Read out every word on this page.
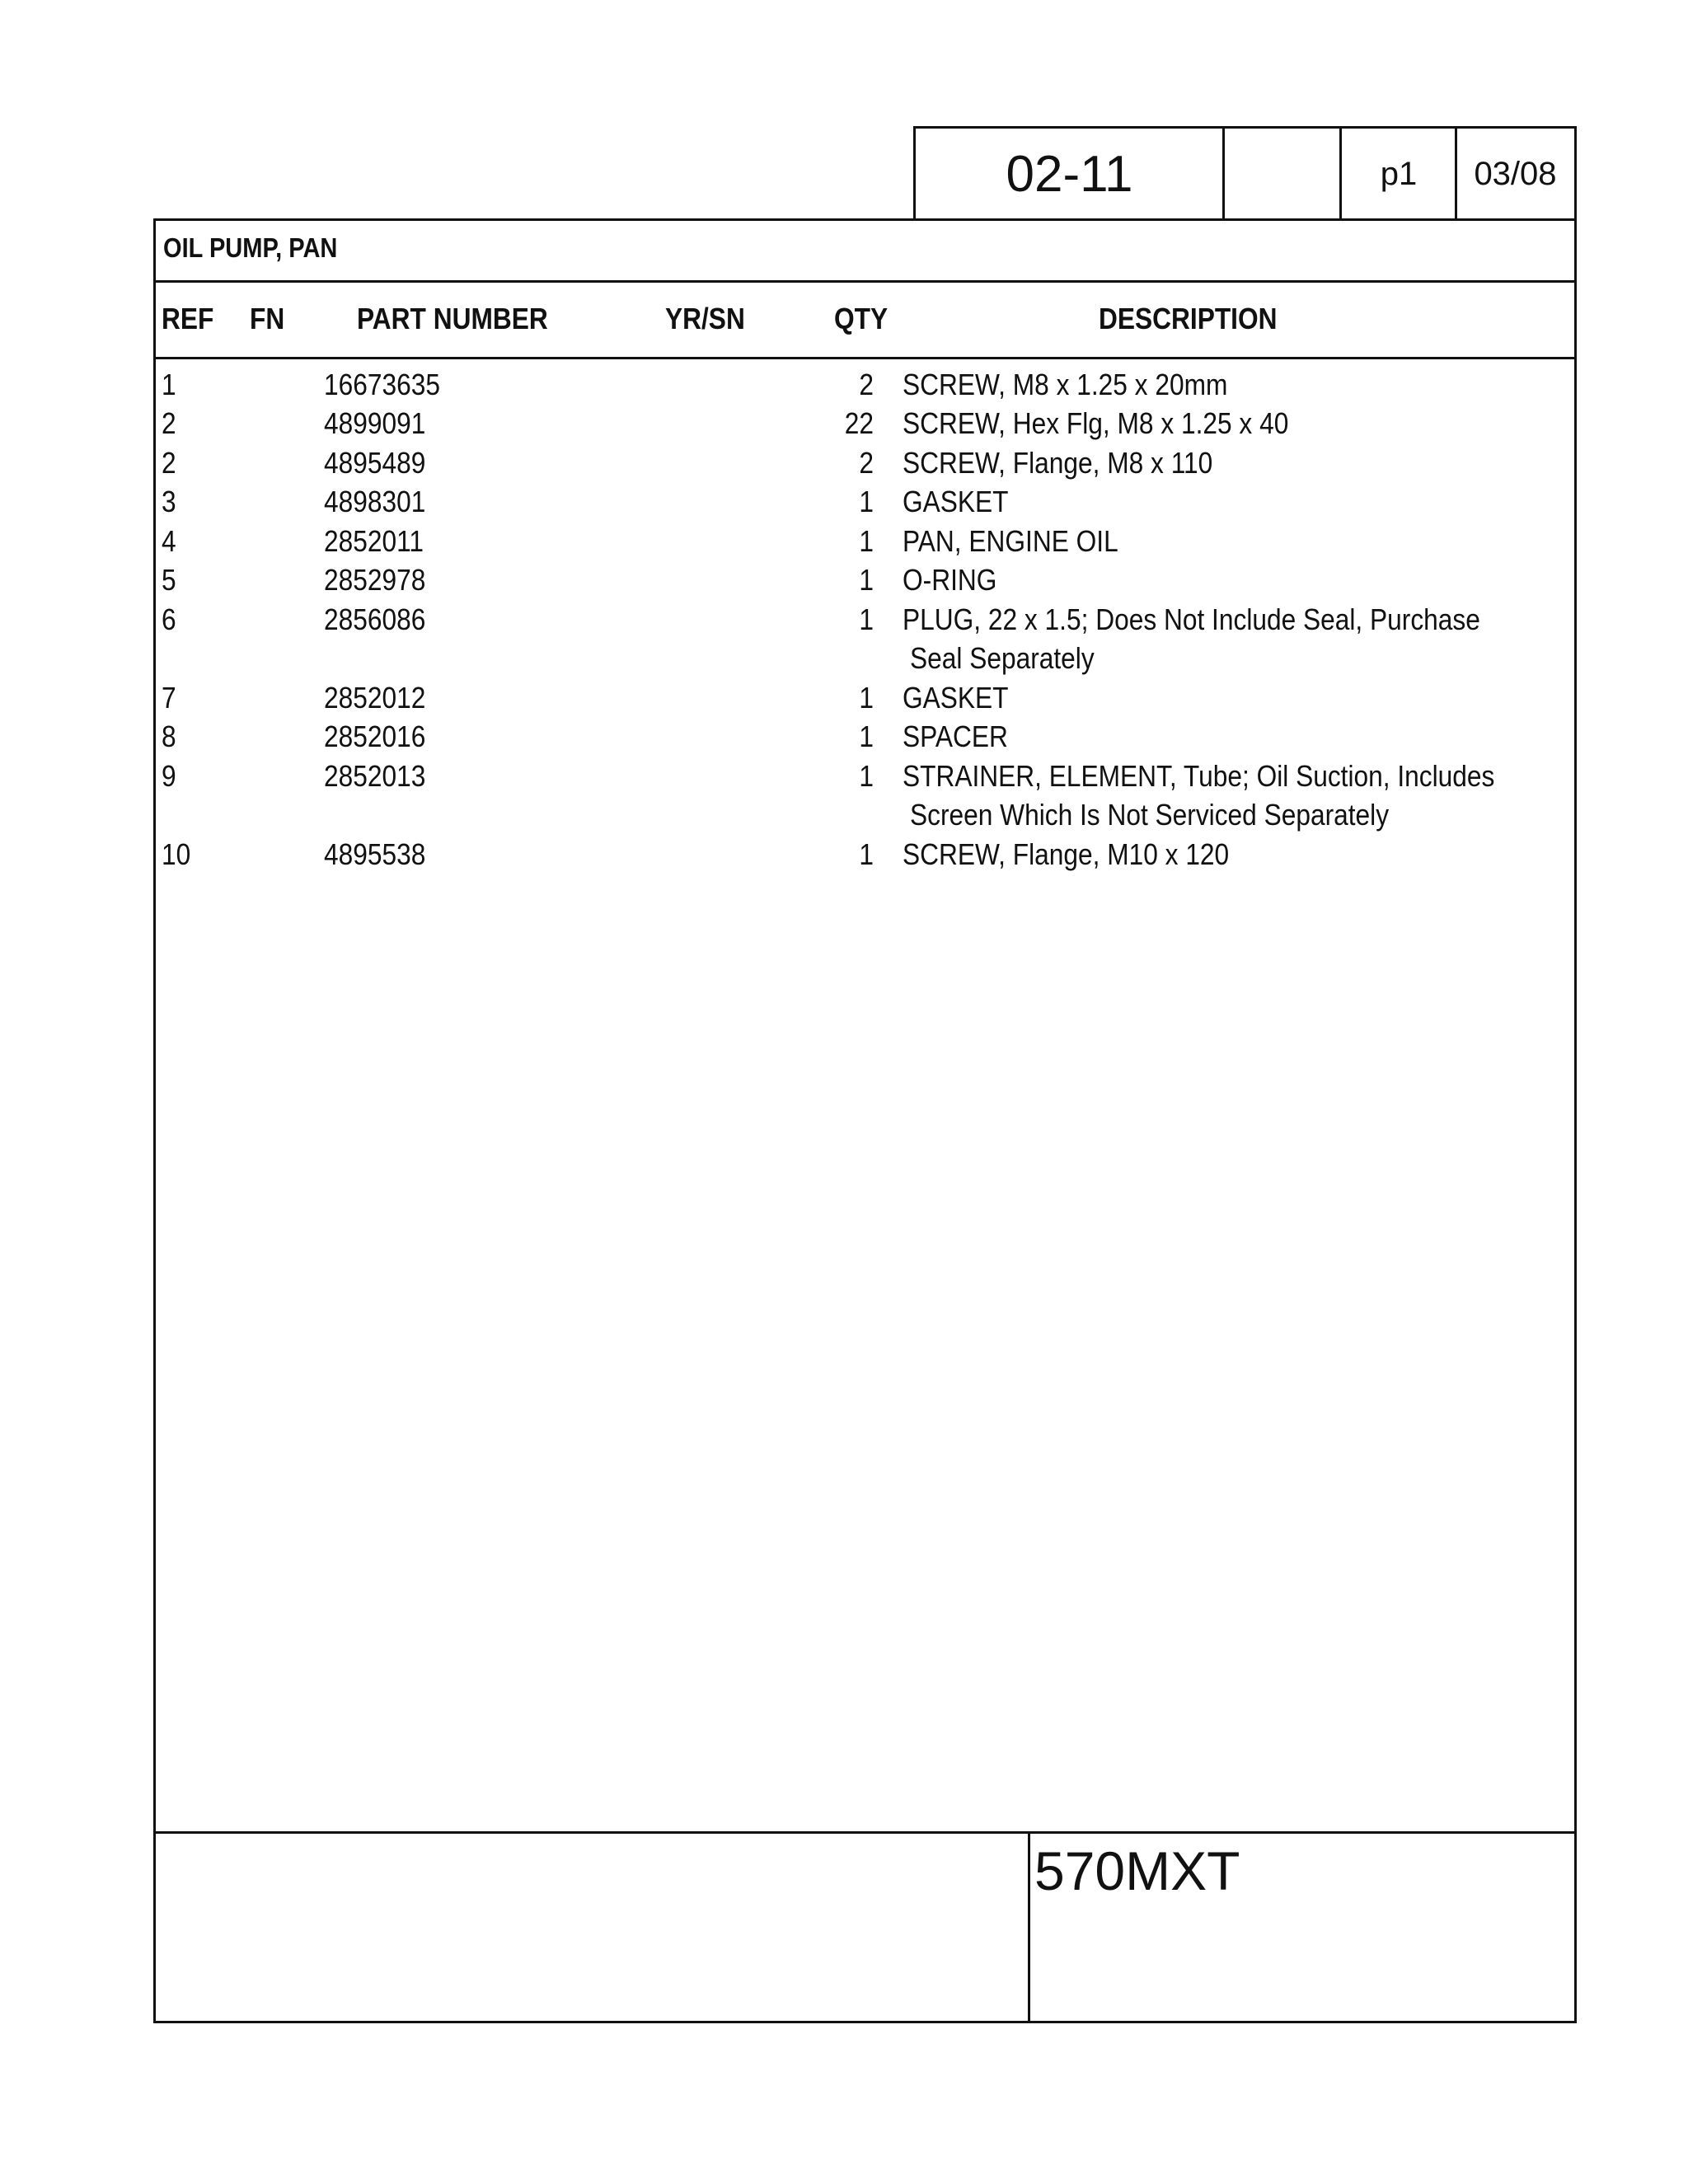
02-11	p1	03/08
OIL PUMP, PAN
REF FN PART NUMBER	YR/SN	QTY	DESCRIPTION
1	16673635	2 SCREW, M8 x 1.25 x 20mm
2	4899091	22 SCREW, Hex Flg, M8 x 1.25 x 40
2	4895489	2 SCREW, Flange, M8 x 110
3	4898301	1 GASKET
4	2852011	1 PAN, ENGINE OIL
5	2852978	1 O-RING
6	2856086	1 PLUG, 22 x 1.5; Does Not Include Seal, Purchase
Seal Separately
7	2852012	1 GASKET
8	2852016	1 SPACER
9	2852013	1 STRAINER, ELEMENT, Tube; Oil Suction, Includes
Screen Which Is Not Serviced Separately
10	4895538	1 SCREW, Flange, M10 x 120
570MXT
